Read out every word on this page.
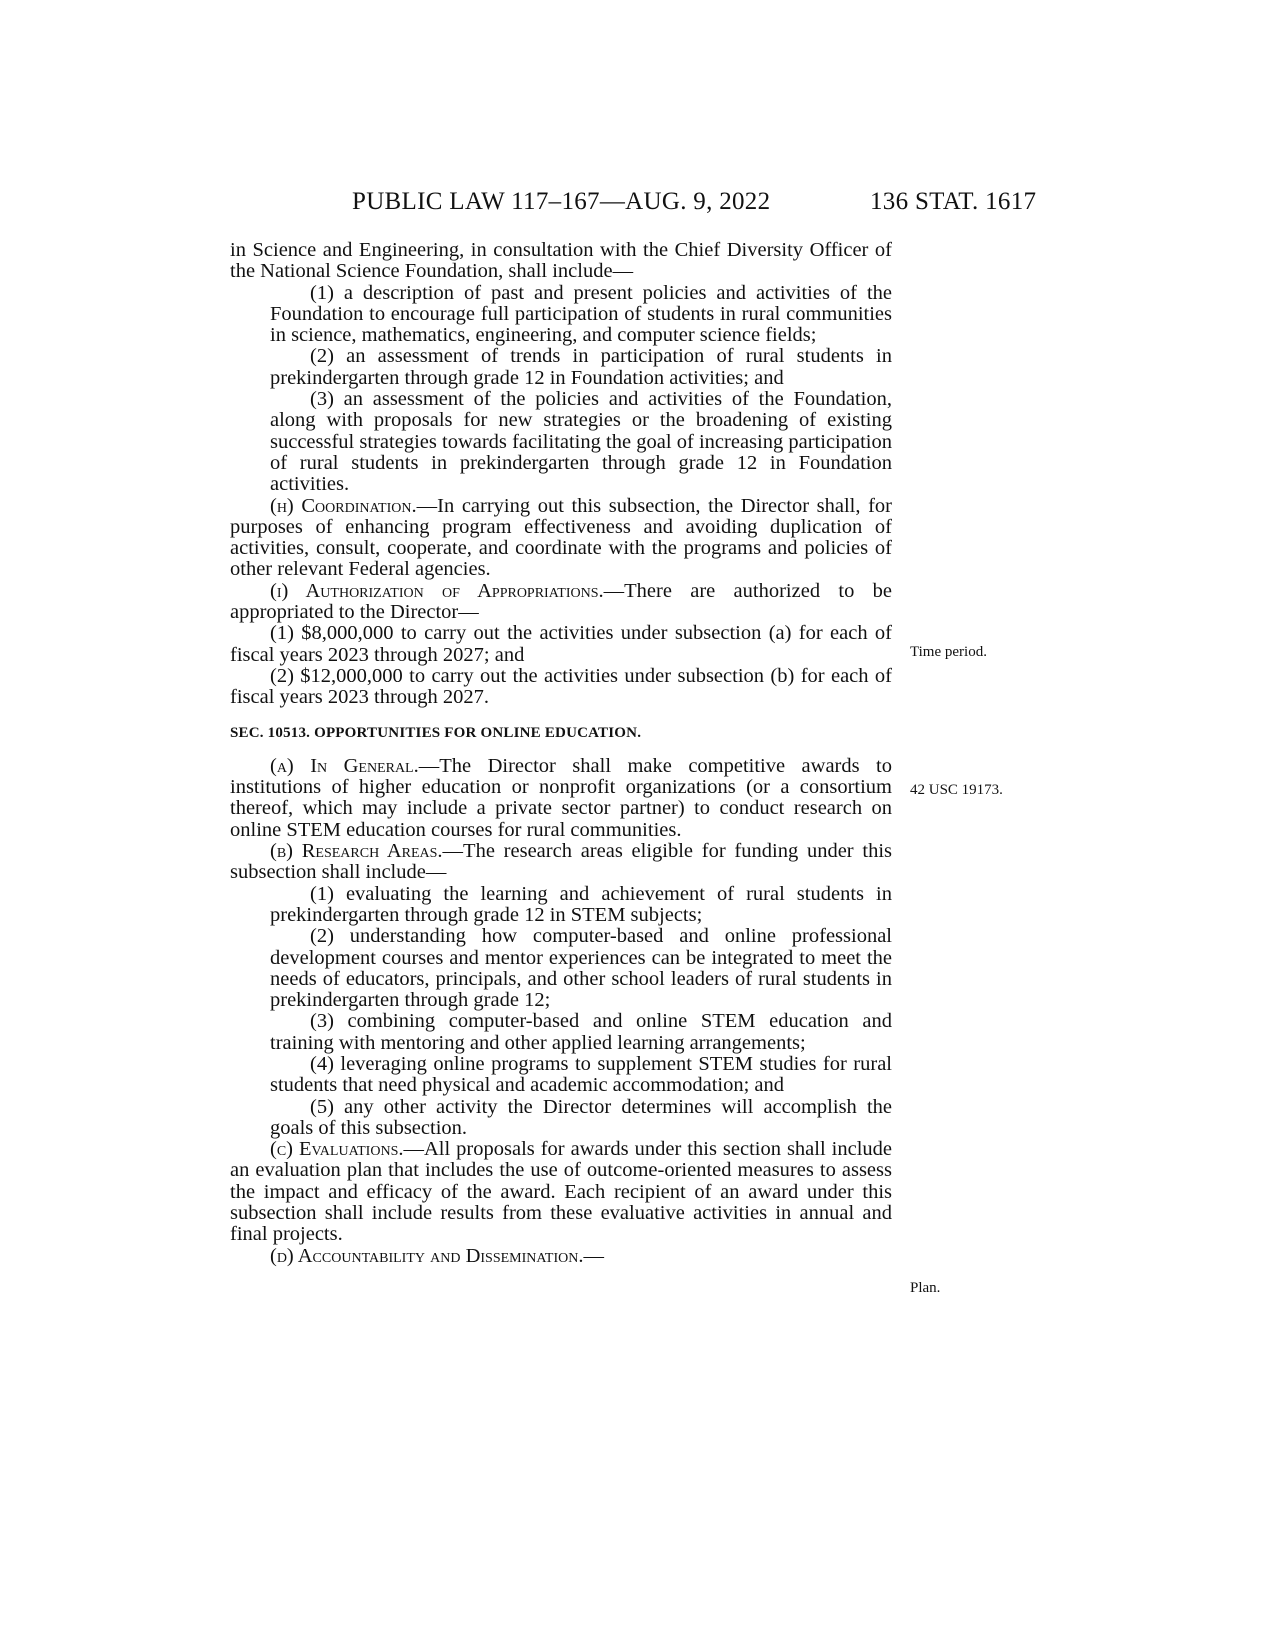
PUBLIC LAW 117–167—AUG. 9, 2022	136 STAT. 1617

in Science and Engineering, in consultation with the Chief Diversity Officer of the National Science Foundation, shall include—

(1) a description of past and present policies and activities of the Foundation to encourage full participation of students in rural communities in science, mathematics, engineering, and computer science fields;

(2) an assessment of trends in participation of rural students in prekindergarten through grade 12 in Foundation activities; and

(3) an assessment of the policies and activities of the Foundation, along with proposals for new strategies or the broadening of existing successful strategies towards facilitating the goal of increasing participation of rural students in prekindergarten through grade 12 in Foundation activities.

(h) Coordination.—In carrying out this subsection, the Director shall, for purposes of enhancing program effectiveness and avoiding duplication of activities, consult, cooperate, and coordinate with the programs and policies of other relevant Federal agencies.

(i) Authorization of Appropriations.—There are authorized to be appropriated to the Director—

(1) $8,000,000 to carry out the activities under subsection (a) for each of fiscal years 2023 through 2027; and

(2) $12,000,000 to carry out the activities under subsection (b) for each of fiscal years 2023 through 2027.

SEC. 10513. OPPORTUNITIES FOR ONLINE EDUCATION.

(a) In General.—The Director shall make competitive awards to institutions of higher education or nonprofit organizations (or a consortium thereof, which may include a private sector partner) to conduct research on online STEM education courses for rural communities.

(b) Research Areas.—The research areas eligible for funding under this subsection shall include—

(1) evaluating the learning and achievement of rural students in prekindergarten through grade 12 in STEM subjects;

(2) understanding how computer-based and online professional development courses and mentor experiences can be integrated to meet the needs of educators, principals, and other school leaders of rural students in prekindergarten through grade 12;

(3) combining computer-based and online STEM education and training with mentoring and other applied learning arrangements;

(4) leveraging online programs to supplement STEM studies for rural students that need physical and academic accommodation; and

(5) any other activity the Director determines will accomplish the goals of this subsection.

(c) Evaluations.—All proposals for awards under this section shall include an evaluation plan that includes the use of outcome-oriented measures to assess the impact and efficacy of the award. Each recipient of an award under this subsection shall include results from these evaluative activities in annual and final projects.

(d) Accountability and Dissemination.—

Time period.
42 USC 19173.
Plan.
